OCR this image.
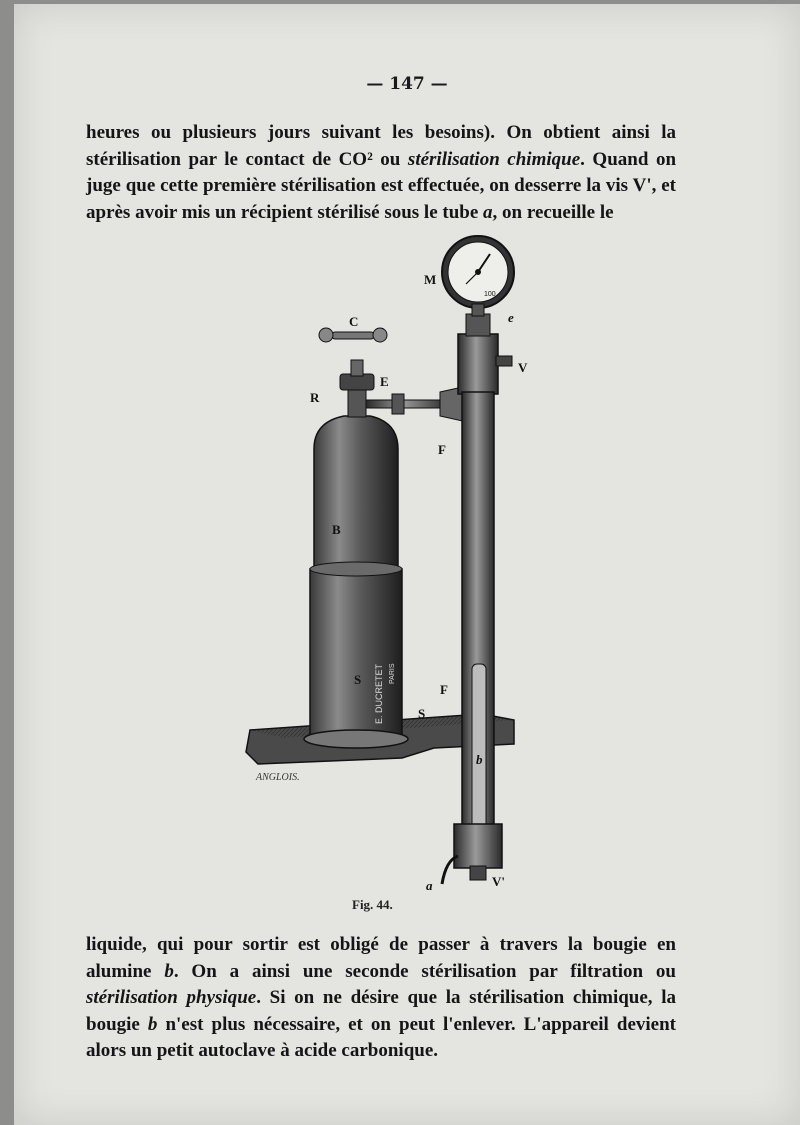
— 147 —
heures ou plusieurs jours suivant les besoins). On obtient ainsi la stérilisation par le contact de CO² ou stérilisation chimique. Quand on juge que cette première stérilisation est effectuée, on desserre la vis V', et après avoir mis un récipient stérilisé sous le tube a, on recueille le
E. DUCRETET PARIS
100
M
e
C
V
R
E
F
B
F
S
S
b
a	V'
ANGLOIS.
Fig. 44.
liquide, qui pour sortir est obligé de passer à travers la bougie en alumine b. On a ainsi une seconde stérilisation par filtration ou stérilisation physique. Si on ne désire que la stérilisation chimique, la bougie b n'est plus nécessaire, et on peut l'enlever. L'appareil devient alors un petit autoclave à acide carbonique.
